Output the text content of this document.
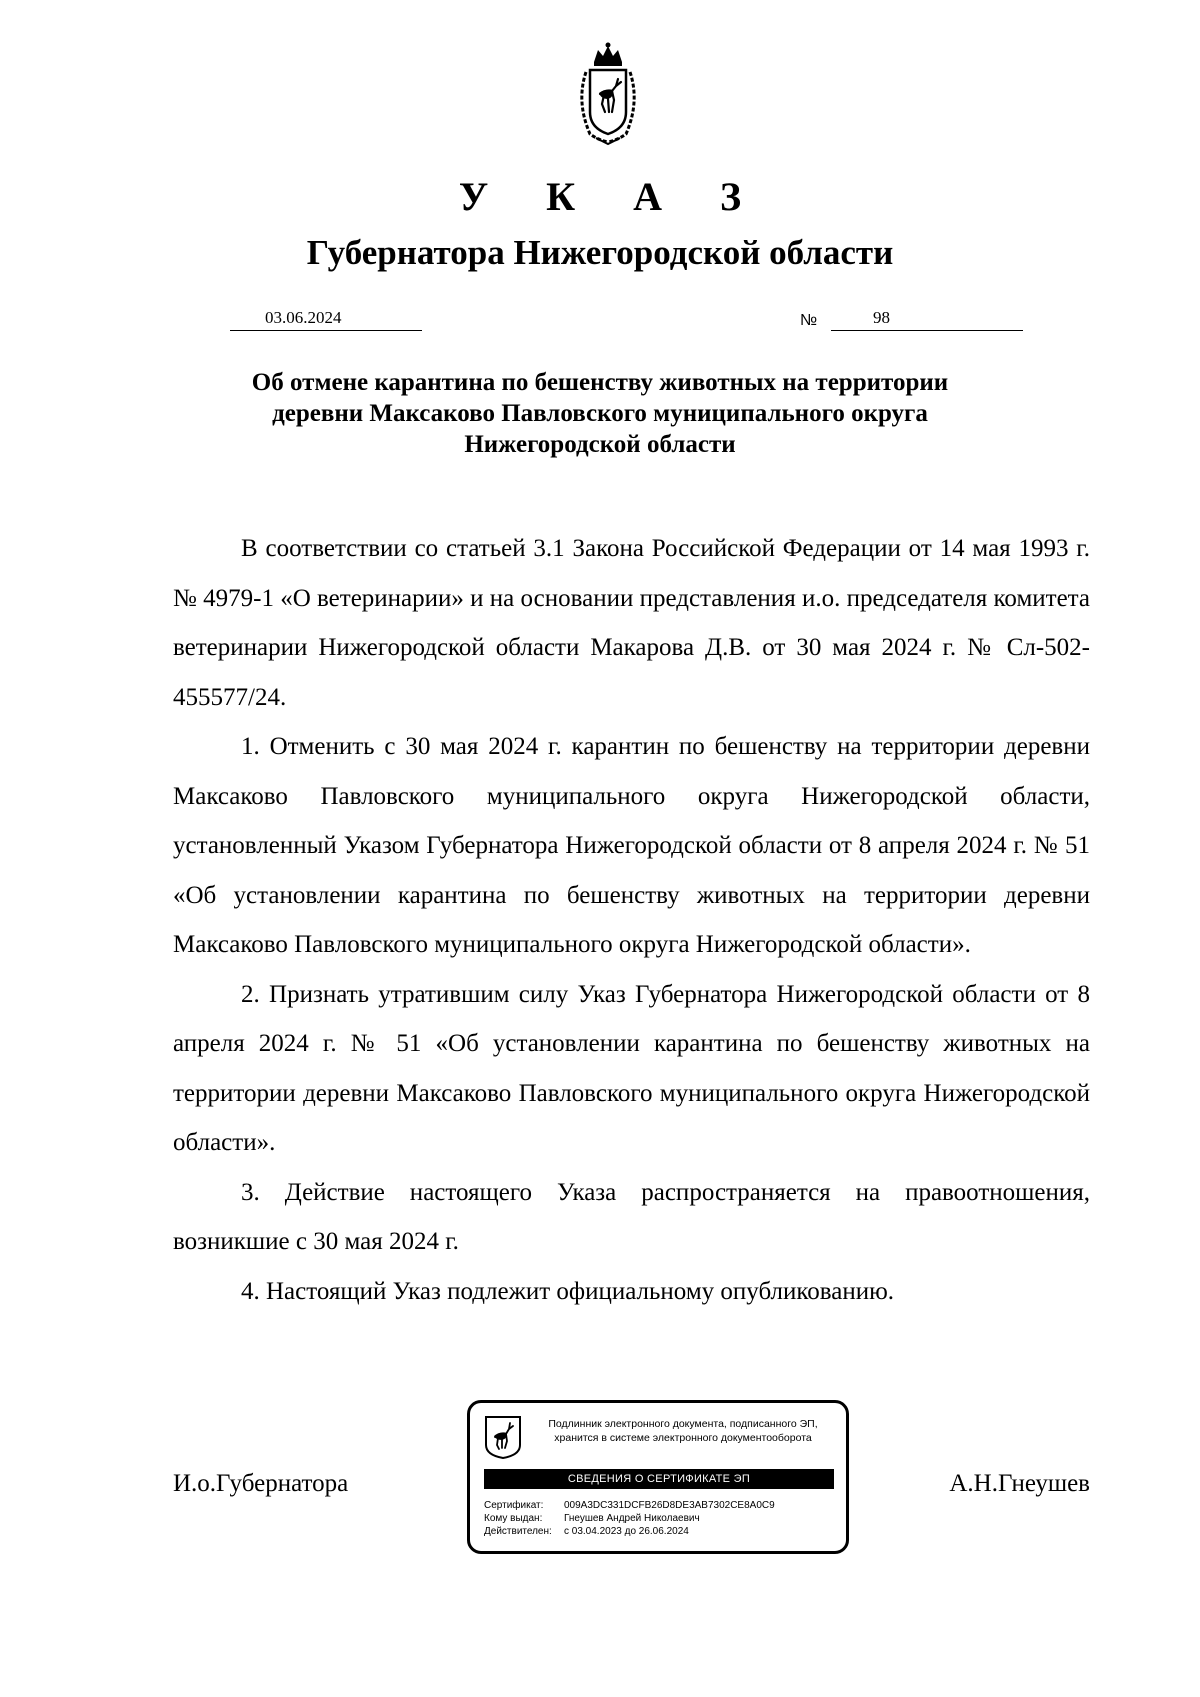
У К А З
Губернатора Нижегородской области
03.06.2024	№	98
Об отмене карантина по бешенству животных на территории
деревни Максаково Павловского муниципального округа
Нижегородской области

В соответствии со статьей 3.1 Закона Российской Федерации от 14 мая 1993 г. № 4979-1 «О ветеринарии» и на основании представления и.о. председателя комитета ветеринарии Нижегородской области Макарова Д.В. от 30 мая 2024 г. № Сл-502-455577/24.

1. Отменить с 30 мая 2024 г. карантин по бешенству на территории деревни Максаково Павловского муниципального округа Нижегородской области, установленный Указом Губернатора Нижегородской области от 8 апреля 2024 г. № 51 «Об установлении карантина по бешенству животных на территории деревни Максаково Павловского муниципального округа Нижегородской области».

2. Признать утратившим силу Указ Губернатора Нижегородской области от 8 апреля 2024 г. № 51 «Об установлении карантина по бешенству животных на территории деревни Максаково Павловского муниципального округа Нижегородской области».

3. Действие настоящего Указа распространяется на правоотношения, возникшие с 30 мая 2024 г.

4. Настоящий Указ подлежит официальному опубликованию.

И.о.Губернатора	А.Н.Гнеушев
Подлинник электронного документа, подписанного ЭП,
хранится в системе электронного документооборота
СВЕДЕНИЯ О СЕРТИФИКАТЕ ЭП
Сертификат: 009A3DC331DCFB26D8DE3AB7302CE8A0C9
Кому выдан: Гнеушев Андрей Николаевич
Действителен: с 03.04.2023 до 26.06.2024
